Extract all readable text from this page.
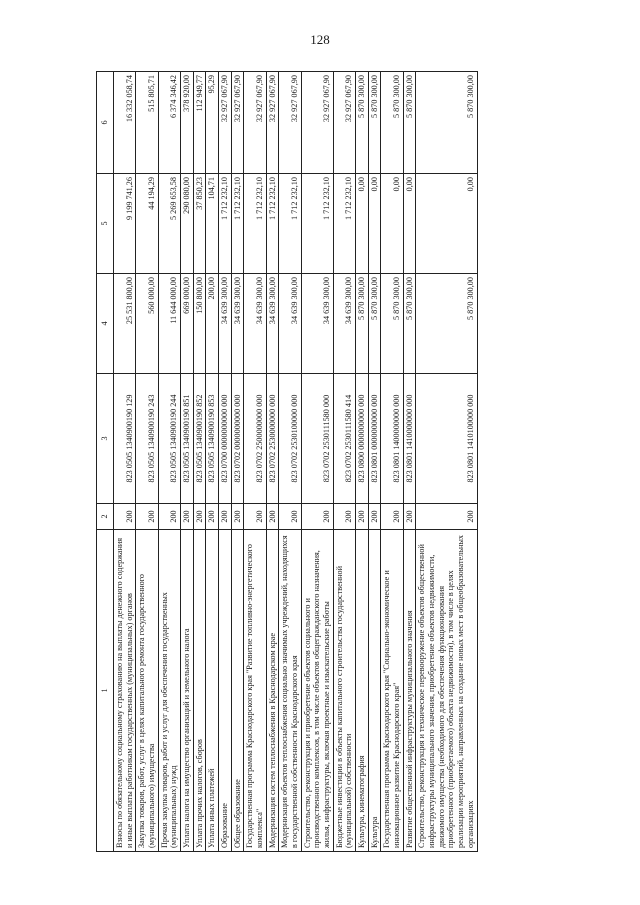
128
1	2	3	4	5	6
Взносы по обязательному социальному страхованию на выплаты денежного содержания и иные выплаты работникам государственных (муниципальных) органов	200	823 0505 1340900190 129	25 531 800,00	9 199 741,26	16 332 058,74
Закупка товаров, работ, услуг в целях капитального ремонта государственного (муниципального) имущества	200	823 0505 1340900190 243	560 000,00	44 194,29	515 805,71
Прочая закупка товаров, работ и услуг для обеспечения государственных (муниципальных) нужд	200	823 0505 1340900190 244	11 644 000,00	5 269 653,58	6 374 346,42
Уплата налога на имущество организаций и земельного налога	200	823 0505 1340900190 851	669 000,00	290 080,00	378 920,00
Уплата прочих налогов, сборов	200	823 0505 1340900190 852	150 800,00	37 850,23	112 949,77
Уплата иных платежей	200	823 0505 1340900190 853	200,00	104,71	95,29
Образование	200	823 0700 0000000000 000	34 639 300,00	1 712 232,10	32 927 067,90
Общее образование	200	823 0702 0000000000 000	34 639 300,00	1 712 232,10	32 927 067,90
Государственная программа Краснодарского края "Развитие топливно-энергетического комплекса"	200	823 0702 2500000000 000	34 639 300,00	1 712 232,10	32 927 067,90
Модернизация систем теплоснабжения в Краснодарском крае	200	823 0702 2530000000 000	34 639 300,00	1 712 232,10	32 927 067,90
Модернизация объектов теплоснабжения социально значимых учреждений, находящихся в государственной собственности Краснодарского края	200	823 0702 2530100000 000	34 639 300,00	1 712 232,10	32 927 067,90
Строительство, реконструкция и приобретение объектов социального и производственного комплексов, в том числе объектов общегражданского назначения, жилья, инфраструктуры, включая проектные и изыскательские работы	200	823 0702 2530111580 000	34 639 300,00	1 712 232,10	32 927 067,90
Бюджетные инвестиции в объекты капитального строительства государственной (муниципальной) собственности	200	823 0702 2530111580 414	34 639 300,00	1 712 232,10	32 927 067,90
Культура, кинематография	200	823 0800 0000000000 000	5 870 300,00	0,00	5 870 300,00
Культура	200	823 0801 0000000000 000	5 870 300,00	0,00	5 870 300,00
Государственная программа Краснодарского края "Социально-экономическое и инновационное развитие Краснодарского края"	200	823 0801 1400000000 000	5 870 300,00	0,00	5 870 300,00
Развитие общественной инфраструктуры муниципального значения	200	823 0801 1410000000 000	5 870 300,00	0,00	5 870 300,00
Строительство, реконструкция и техническое перевооружение объектов общественной инфраструктуры муниципального значения, приобретение объектов недвижимости, движимого имущества (необходимого для обеспечения функционирования приобретенного (приобретаемого) объекта недвижимости), в том числе в целях реализации мероприятий, направленных на создание новых мест в общеобразовательных организациях	200	823 0801 1410100000 000	5 870 300,00	0,00	5 870 300,00
